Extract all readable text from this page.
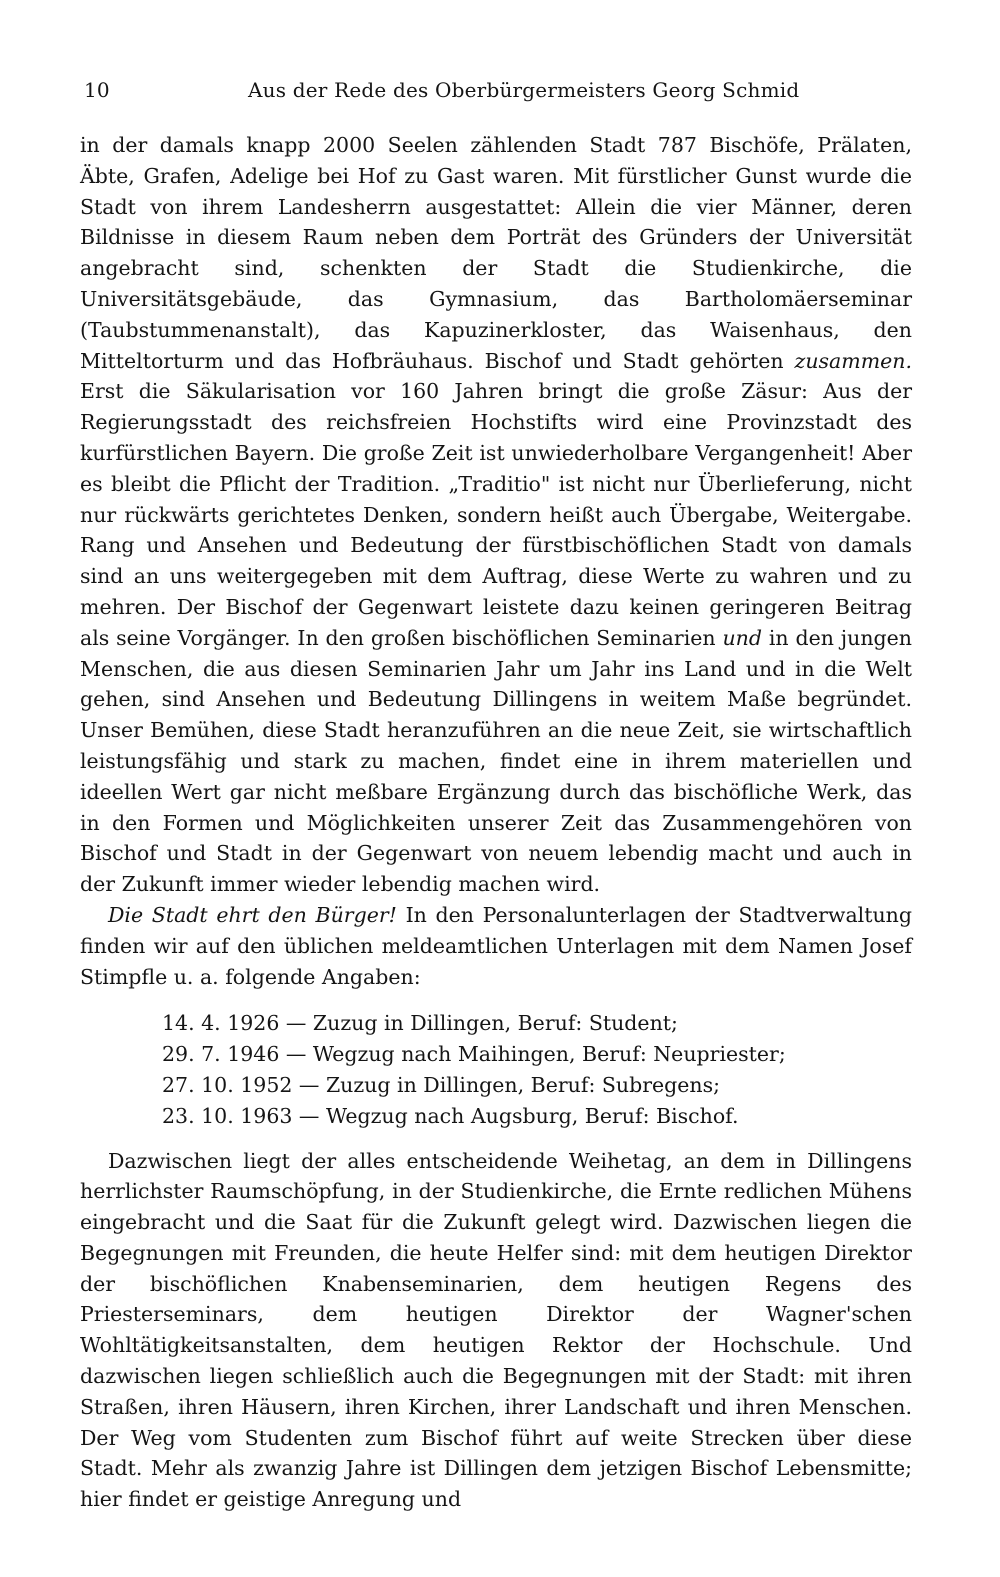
10	Aus der Rede des Oberbürgermeisters Georg Schmid

in der damals knapp 2000 Seelen zählenden Stadt 787 Bischöfe, Prälaten, Äbte, Grafen, Adelige bei Hof zu Gast waren. Mit fürstlicher Gunst wurde die Stadt von ihrem Landesherrn ausgestattet: Allein die vier Männer, deren Bildnisse in diesem Raum neben dem Porträt des Gründers der Universität angebracht sind, schenkten der Stadt die Studienkirche, die Universitätsgebäude, das Gymnasium, das Bartholomäerseminar (Taubstummenanstalt), das Kapuzinerkloster, das Waisenhaus, den Mitteltorturm und das Hofbräuhaus. Bischof und Stadt gehörten zusammen. Erst die Säkularisation vor 160 Jahren bringt die große Zäsur: Aus der Regierungsstadt des reichsfreien Hochstifts wird eine Provinzstadt des kurfürstlichen Bayern. Die große Zeit ist unwiederholbare Vergangenheit! Aber es bleibt die Pflicht der Tradition. „Traditio" ist nicht nur Überlieferung, nicht nur rückwärts gerichtetes Denken, sondern heißt auch Übergabe, Weitergabe. Rang und Ansehen und Bedeutung der fürstbischöflichen Stadt von damals sind an uns weitergegeben mit dem Auftrag, diese Werte zu wahren und zu mehren. Der Bischof der Gegenwart leistete dazu keinen geringeren Beitrag als seine Vorgänger. In den großen bischöflichen Seminarien und in den jungen Menschen, die aus diesen Seminarien Jahr um Jahr ins Land und in die Welt gehen, sind Ansehen und Bedeutung Dillingens in weitem Maße begründet. Unser Bemühen, diese Stadt heranzuführen an die neue Zeit, sie wirtschaftlich leistungsfähig und stark zu machen, findet eine in ihrem materiellen und ideellen Wert gar nicht meßbare Ergänzung durch das bischöfliche Werk, das in den Formen und Möglichkeiten unserer Zeit das Zusammengehören von Bischof und Stadt in der Gegenwart von neuem lebendig macht und auch in der Zukunft immer wieder lebendig machen wird.

Die Stadt ehrt den Bürger! In den Personalunterlagen der Stadtverwaltung finden wir auf den üblichen meldeamtlichen Unterlagen mit dem Namen Josef Stimpfle u. a. folgende Angaben:

14. 4. 1926 — Zuzug in Dillingen, Beruf: Student;
29. 7. 1946 — Wegzug nach Maihingen, Beruf: Neupriester;
27. 10. 1952 — Zuzug in Dillingen, Beruf: Subregens;
23. 10. 1963 — Wegzug nach Augsburg, Beruf: Bischof.

Dazwischen liegt der alles entscheidende Weihetag, an dem in Dillingens herrlichster Raumschöpfung, in der Studienkirche, die Ernte redlichen Mühens eingebracht und die Saat für die Zukunft gelegt wird. Dazwischen liegen die Begegnungen mit Freunden, die heute Helfer sind: mit dem heutigen Direktor der bischöflichen Knabenseminarien, dem heutigen Regens des Priesterseminars, dem heutigen Direktor der Wagner'schen Wohltätigkeitsanstalten, dem heutigen Rektor der Hochschule. Und dazwischen liegen schließlich auch die Begegnungen mit der Stadt: mit ihren Straßen, ihren Häusern, ihren Kirchen, ihrer Landschaft und ihren Menschen. Der Weg vom Studenten zum Bischof führt auf weite Strecken über diese Stadt. Mehr als zwanzig Jahre ist Dillingen dem jetzigen Bischof Lebensmitte; hier findet er geistige Anregung und
